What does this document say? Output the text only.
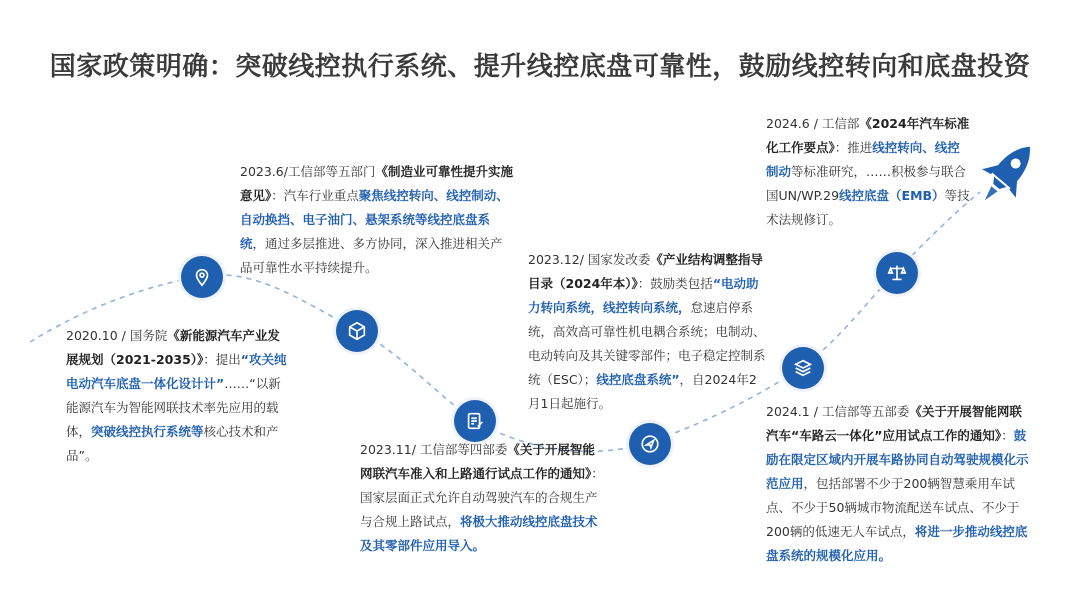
国家政策明确：突破线控执行系统、提升线控底盘可靠性，鼓励线控转向和底盘投资

2023.6/工信部等五部门《制造业可靠性提升实施意见》：汽车行业重点聚焦线控转向、线控制动、自动换挡、电子油门、悬架系统等线控底盘系统，通过多层推进、多方协同，深入推进相关产品可靠性水平持续提升。

2020.10 / 国务院《新能源汽车产业发展规划（2021-2035）》：提出“攻关纯电动汽车底盘一体化设计计”……“以新能源汽车为智能网联技术率先应用的载体，突破线控执行系统等核心技术和产品”。

2023.12/ 国家发改委《产业结构调整指导目录（2024年本）》：鼓励类包括“电动助力转向系统，线控转向系统，怠速启停系统，高效高可靠性机电耦合系统；电制动、电动转向及其关键零部件；电子稳定控制系统（ESC）；线控底盘系统”，自2024年2月1日起施行。

2023.11/ 工信部等四部委《关于开展智能网联汽车准入和上路通行试点工作的通知》：国家层面正式允许自动驾驶汽车的合规生产与合规上路试点，将极大推动线控底盘技术及其零部件应用导入。

2024.6 / 工信部《2024年汽车标准化工作要点》：推进线控转向、线控制动等标准研究，……积极参与联合国UN/WP.29线控底盘（EMB）等技术法规修订。

2024.1 / 工信部等五部委《关于开展智能网联汽车“车路云一体化”应用试点工作的通知》：鼓励在限定区域内开展车路协同自动驾驶规模化示范应用，包括部署不少于200辆智慧乘用车试点、不少于50辆城市物流配送车试点、不少于200辆的低速无人车试点，将进一步推动线控底盘系统的规模化应用。
